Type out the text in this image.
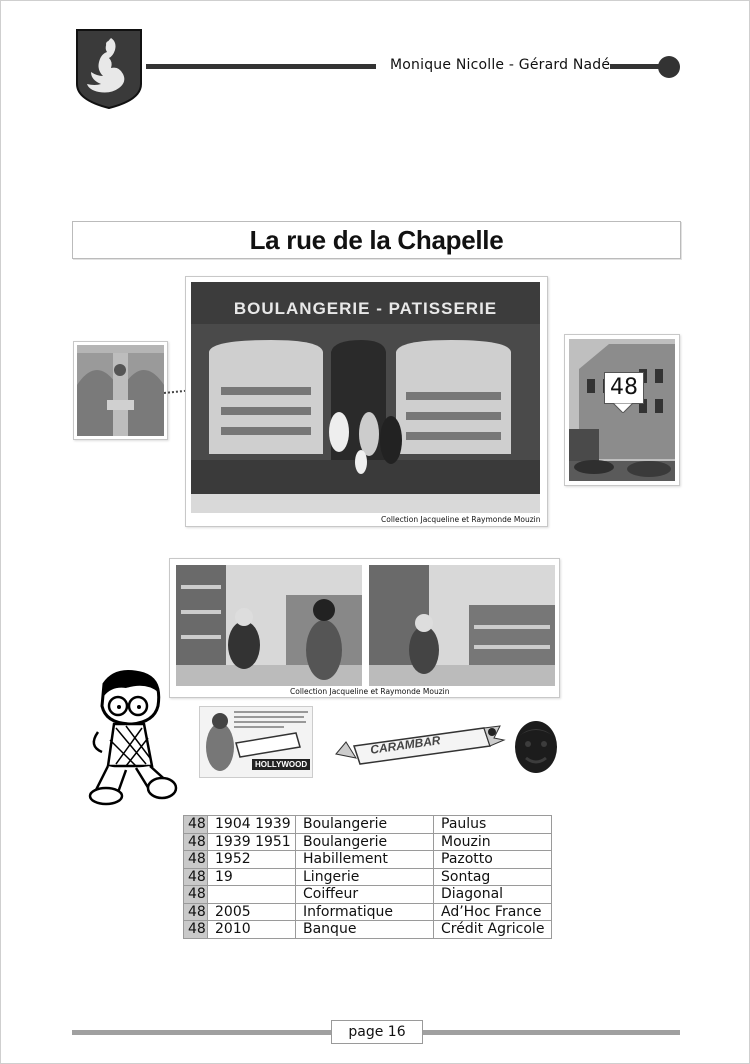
Monique Nicolle - Gérard Nadé
La rue de la Chapelle
BOULANGERIE - PATISSERIE
Collection Jacqueline et Raymonde Mouzin
48
Collection Jacqueline et Raymonde Mouzin
HOLLYWOOD
CARAMBAR
48	1904 1939	Boulangerie	Paulus
48	1939 1951	Boulangerie	Mouzin
48	1952	Habillement	Pazotto
48	19	Lingerie	Sontag
48		Coiffeur	Diagonal
48	2005	Informatique	Ad’Hoc France
48	2010	Banque	Crédit Agricole
page 16
